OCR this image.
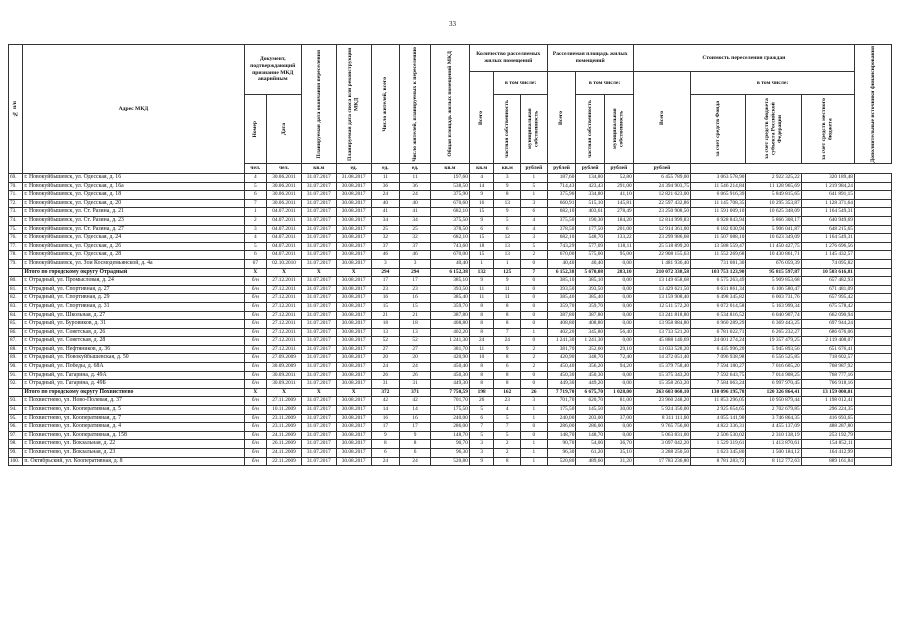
33
№ п/п	Адрес МКД	Документ, подтверждающий признание МКД аварийным		Планируемая дата окончания переселения	Планируемая дата сноса или реконструкции МКД	Число жителей, всего	Число жителей, планируемых к переселению	Общая площадь жилых помещений МКД	Количество расселяемых жилых помещений			Расселяемая площадь жилых помещений			Стоимость переселения граждан				Дополнительные источники финансирования

									Всего	в том числе:		Всего	в том числе:		Всего	в том числе:			

		Номер	Дата							частная собственность	муниципальная собственность		частная собственность	муниципальная собственность		за счет средств Фонда	за счет средств бюджета субъекта Российской Федерации	за счет средств местного бюджета	

		чел.	чел.	кв.м	ед.	ед.	ед.	кв.м	кв.м	кв.м	рублей	рублей	рублей	рублей	рублей				
69.	г. Новокуйбышевск, ул. Одесская, д. 16	4	30.06.2011	31.07.2017	31.08.2017	11	11	197,60	4	3	1	187,60	134,80	52,80	6 455 789,00	3 063 578,90	2 922 325,22	320 189,48	
70.	г. Новокуйбышевск, ул. Одесская, д. 16а	5	30.06.2011	31.07.2017	30.08.2017	36	36	538,50	14	9	5	714,43	423,43	291,00	24 394 903,75	11 546 214,84	11 128 965,69	1 219 984,24	
71.	г. Новокуйбышевск, ул. Одесская, д. 18	6	30.06.2011	31.07.2017	30.08.2017	24	24	375,90	9	8	1	375,90	334,80	41,10	12 821 623,00	6 065 916,39	5 849 815,65	641 891,15	
72.	г. Новокуйбышевск, ул. Одесская, д. 20	7	30.06.2011	31.07.2017	30.08.2017	40	40	670,60	16	13	3	660,91	515,10	145,81	22 597 432,86	11 145 708,35	10 295 353,87	1 128 371,64	
73.	г. Новокуйбышевск, ул. Ст. Разина, д. 21	1	04.07.2011	31.07.2017	30.08.2017	41	41	682,10	15	9	6	682,10	403,61	278,49	23 250 908,50	11 591 009,10	10 625 348,09	1 164 549,31	
74.	г. Новокуйбышевск, ул. Ст. Разина, д. 23	2	04.07.2011	31.07.2017	30.08.2017	34	34	375,50	9	5	4	375,50	190,30	184,20	12 814 999,83	6 928 843,94	5 866 308,17	640 949,69	
75.	г. Новокуйбышевск, ул. Ст. Разина, д. 27	3	04.07.2011	31.07.2017	30.08.2017	25	25	378,50	6	6	4	378,50	177,50	201,00	12 914 361,00	6 182 030,94	5 906 041,87	648 215,65	
76.	г. Новокуйбышевск, ул. Одесская, д. 24	4	04.07.2011	31.07.2017	30.08.2017	32	32	682,10	15	12	3	682,10	548,70	133,22	23 299 986,68	11 507 088,10	10 623 349,09	1 164 549,31	
77.	г. Новокуйбышевск, ул. Одесская, д. 26	5	04.07.2011	31.07.2017	30.08.2017	37	37	743,60	18	13	5	743,29	577,09	118,11	25 518 899,20	13 588 559,47	11 450 427,75	1 276 696,56	
78.	г. Новокуйбышевск, ул. Одесская, д. 28	6	04.07.2011	31.07.2017	30.08.2017	46	46	670,00	15	13	2	670,00	575,00	95,00	22 908 155,63	11 552 269,68	10 430 861,71	1 145 432,57	
79.	г. Новокуйбышевск, ул. Зои Космодемьянской, д. 4а	67	02.10.2010	31.07.2017	30.08.2017	3	3	40,40	1	1	0	40,40	40,40	0,00	1 481 936,40	731 081,30	676 059,39	74 095,82	
	Итого по городскому округу Отрадный	X	X	X	X	294	294	6 152,38	132	125	7	6 152,38	5 670,08	283,10	210 072 338,58	103 753 123,90	95 815 597,87	10 503 616,81	
80.	г. Отрадный, ул. Промысловая, д. 24	б/н	27.12.2011	31.07.2017	30.08.2017	17	17	385,10	9	9	0	385,10	385,10	0,00	13 149 658,68	6 575 263,49	5 909 853,68	657 482,93	
81.	г. Отрадный, ул. Спортивная, д. 27	б/н	27.12.2011	31.07.2017	30.08.2017	23	23	393,50	11	11	0	393,50	393,50	0,00	13 429 621,50	6 631 861,34	6 106 580,47	671 481,09	
82.	г. Отрадный, ул. Спортивная, д. 29	б/н	27.12.2011	31.07.2017	30.08.2017	16	16	385,40	11	11	0	385,40	385,40	0,00	13 159 908,40	6 498 345,82	6 003 731,76	657 995,42	
83.	г. Отрадный, ул. Спортивная, д. 31	б/н	27.12.2011	31.07.2017	30.08.2017	15	15	359,70	8	8	0	359,70	359,70	0,00	12 511 572,20	6 072 014,58	5 163 999,34	675 578,42	
84.	г. Отрадный, ул. Школьная, д. 27	б/н	27.12.2011	31.07.2017	30.08.2017	21	21	387,80	8	8	0	387,80	387,80	0,00	13 241 818,80	6 534 816,52	6 040 907,74	662 090,94	
85.	г. Отрадный, ул. Буровиков, д. 31	б/н	27.12.2011	31.07.2017	30.08.2017	18	18	408,80	8	8	0	408,80	408,80	0,00	13 958 884,80	6 960 289,29	6 369 443,25	697 944,24	
86.	г. Отрадный, ул. Советская, д. 26	б/н	27.12.2011	31.07.2017	30.08.2017	13	13	402,20	8	7	1	402,20	345,80	56,40	13 733 521,20	6 781 022,71	6 265 232,27	686 676,06	
87.	г. Отрадный, ул. Советская, д. 28	б/н	27.12.2011	31.07.2017	30.08.2017	52	52	1 241,30	24	24	0	1 241,30	1 241,30	0,00	45 888 140,69	24 001 274,24	19 357 479,25	2 119 408,07	
88.	г. Отрадный, ул. Нефтяников, д. 36	б/н	27.12.2011	31.07.2017	30.08.2017	27	27	381,70	11	9	2	381,70	352,60	29,10	13 033 528,20	6 435 996,20	5 945 893,56	651 676,41	
89.	г. Отрадный, ул. Новокуйбышевская, д. 50	б/н	27.09.2009	31.07.2017	30.08.2017	20	20	420,90	10	8	2	420,90	348,70	72,40	14 372 051,40	7 096 938,98	6 556 525,85	718 602,57	
90.	г. Отрадный, ул. Победы, д. 68А	б/н	30.09.2009	31.07.2017	30.08.2017	24	24	450,40	8	6	2	450,40	356,20	94,20	15 379 758,40	7 594 180,27	7 016 605,20	768 987,92	
91.	г. Отрадный, ул. Гагарина, д. 49А	б/н	30.09.2011	31.07.2017	30.08.2017	26	26	450,30	8	8	0	450,30	450,30	0,00	15 375 343,20	7 592 643,75	7 014 908,25	768 777,16	
92.	г. Отрадный, ул. Гагарина, д. 49Б	б/н	30.09.2011	31.07.2017	30.08.2017	31	31	449,30	8	8	0	449,30	449,20	0,00	15 358 263,20	7 584 063,24	6 997 970,45	766 918,16	
	Итого по городскому округу Похвистнево	X	X	X	X	372	371	7 750,59	198	162	26	7 719,70	6 675,70	1 028,00	263 603 060,10	130 096 195,78	120 326 864,41	13 159 000,01	
93.	г. Похвистнево, ул. Ново-Полевая, д. 37	б/н	27.11.2009	31.07.2017	30.08.2017	42	42	701,70	26	23	3	701,70	620,70	81,00	23 960 248,20	11 853 296,05	10 950 879,44	1 198 012,41	
94.	г. Похвистнево, ул. Кооперативная, д. 5	б/н	10.11.2009	31.07.2017	30.08.2017	14	14	175,50	5	4	1	175,50	145,50	30,00	5 924 350,00	2 925 654,65	2 702 679,85	296 224,35	
95.	г. Похвистнево, ул. Кооперативная, д. 7	б/н	23.11.2009	31.07.2017	30.08.2017	16	16	240,00	6	5	1	240,00	203,00	37,00	8 311 111,00	4 055 141,90	3 746 864,35	416 693,65	
96.	г. Похвистнево, ул. Кооперативная, д. 4	б/н	23.11.2009	31.07.2017	30.08.2017	17	17	286,00	7	7	0	286,00	286,00	0,00	9 765 756,00	4 822 336,31	4 455 137,09	488 287,80	
97.	г. Похвистнево, ул. Кооперативная, д. 158	б/н	24.11.2009	31.07.2017	30.08.2017	9	9	148,70	5	5	0	148,70	148,70	0,00	5 063 831,00	2 506 530,02	2 310 138,19	253 192,79	
98.	г. Похвистнево, ул. Вокзальная, д. 22	б/н	26.11.2009	31.07.2017	30.08.2017	8	8	90,70	3	2	1	90,70	54,00	36,70	3 097 042,20	1 529 319,61	1 413 870,61	154 852,11	
99.	г. Похвистнево, ул. Вокзальная, д. 23	б/н	24.11.2009	31.07.2017	30.08.2017	6	6	96,30	3	2	1	96,30	61,20	35,10	3 288 250,50	1 623 345,80	1 500 184,12	164 412,99	
100.	п. Октябрьский, ул. Кооперативная, д. 8	б/н	22.11.2009	31.07.2017	30.08.2017	24	24	520,80	9	8	1	520,80	489,60	31,20	17 783 236,80	8 781 283,72	8 112 772,63	889 161,84	
